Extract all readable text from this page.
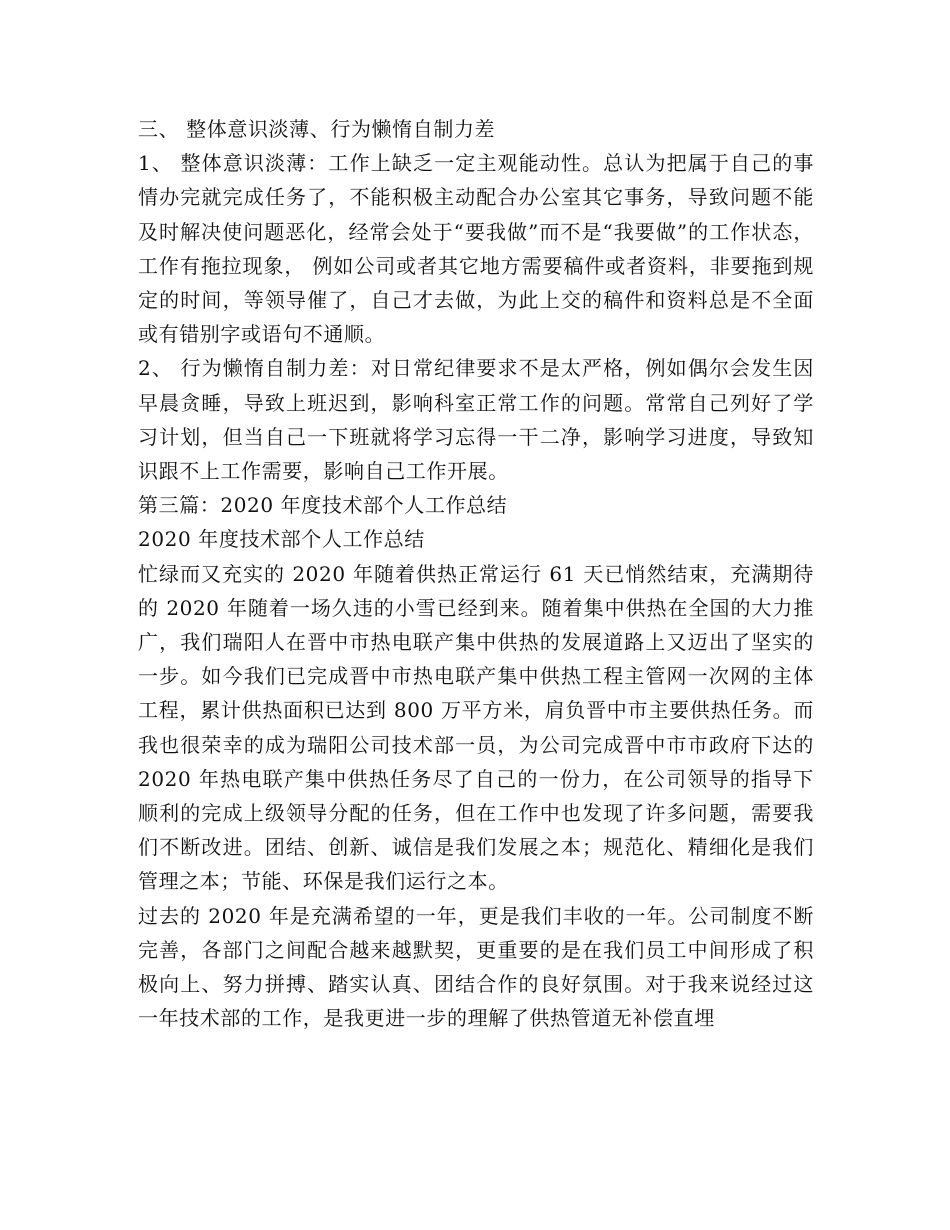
三、 整体意识淡薄、行为懒惰自制力差

1、 整体意识淡薄：工作上缺乏一定主观能动性。总认为把属于自己的事情办完就完成任务了，不能积极主动配合办公室其它事务，导致问题不能及时解决使问题恶化，经常会处于“要我做”而不是“我要做”的工作状态，工作有拖拉现象， 例如公司或者其它地方需要稿件或者资料，非要拖到规定的时间，等领导催了，自己才去做，为此上交的稿件和资料总是不全面或有错别字或语句不通顺。

2、 行为懒惰自制力差：对日常纪律要求不是太严格，例如偶尔会发生因早晨贪睡，导致上班迟到，影响科室正常工作的问题。常常自己列好了学习计划，但当自己一下班就将学习忘得一干二净，影响学习进度，导致知识跟不上工作需要，影响自己工作开展。

第三篇：2020 年度技术部个人工作总结

2020 年度技术部个人工作总结

忙绿而又充实的 2020 年随着供热正常运行 61 天已悄然结束，充满期待的 2020 年随着一场久违的小雪已经到来。随着集中供热在全国的大力推广，我们瑞阳人在晋中市热电联产集中供热的发展道路上又迈出了坚实的一步。如今我们已完成晋中市热电联产集中供热工程主管网一次网的主体工程，累计供热面积已达到 800 万平方米，肩负晋中市主要供热任务。而我也很荣幸的成为瑞阳公司技术部一员，为公司完成晋中市市政府下达的 2020 年热电联产集中供热任务尽了自己的一份力，在公司领导的指导下顺利的完成上级领导分配的任务，但在工作中也发现了许多问题，需要我们不断改进。团结、创新、诚信是我们发展之本；规范化、精细化是我们管理之本；节能、环保是我们运行之本。

过去的 2020 年是充满希望的一年，更是我们丰收的一年。公司制度不断完善，各部门之间配合越来越默契，更重要的是在我们员工中间形成了积极向上、努力拼搏、踏实认真、团结合作的良好氛围。对于我来说经过这一年技术部的工作，是我更进一步的理解了供热管道无补偿直埋
